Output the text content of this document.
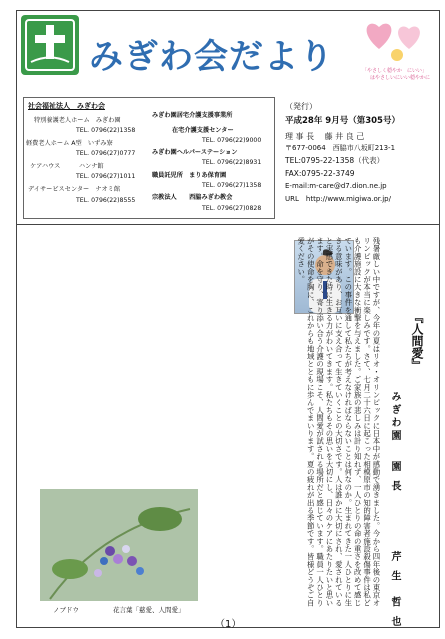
みぎわ会だより	「やさしく穏やか　にいい」
はやさしいにいい穏やかに
社会福祉法人　みぎわ会
特別養護老人ホーム　みぎわ園
TEL. 0796(22)1358
軽費老人ホーム A型　いずみ寮
TEL. 0796(27)0777
ケアハウス　　　ハンナ館
TEL. 0796(27)1011
デイサービスセンター　ナオミ館
TEL. 0796(22)8555
みぎわ園居宅介護支援事業所
在宅介護支援センター
TEL. 0796(22)9000
みぎわ園ヘルパーステーション
TEL. 0796(22)8931
職員託児所　まりあ保育園
TEL. 0796(27)1358
宗教法人　　西脇みぎわ教会
TEL. 0796(27)0828
（発行）
平成28年 9月号（第305号）
理 事 長　 藤 井 良 己
〒677-0064　西脇市八坂町213-1
TEL:0795-22-1358（代表）
FAX:0795-22-3749
E-mail:m-care@d7.dion.ne.jp
URL　http://www.migiwa.or.jp/
『人間愛』
みぎわ園
園 長
芹 生　哲 也
残暑厳しい中ですが、今年の夏はリオ・オリンピックに日本中が感動で湧きました。今から四年後の東京オリンピックが本当に楽しみです。さて、七月二十六日に起こった相模原市の知的障害者施設殺傷事件は私ども介護施設に大きな衝撃を与えました。ご家族の悲しみは計り知れず、一人ひとりの命の重さを改めて感じています。この事件を通して私たちが考えなければならないことは何なのか。生まれてきた一人ひとりに生きる意味があり、お互いに支え合って生きていくことの大切さです。人は誰かに大切にされ、愛されていると実感できた時に生きる力がわいてきます。私たちもその思いを大切にし、日々のケアにあたりたいと思います。命を守り、寄り添い合う介護の現場こそ、人間愛が試される場所だと感じています。職員一人ひとりがその使命を胸に、これからも地域とともに歩んでまいります。夏の疲れが出る季節です。皆様どうぞご自愛ください。
ノブドウ	花言葉「慈愛、人間愛」
（1）
